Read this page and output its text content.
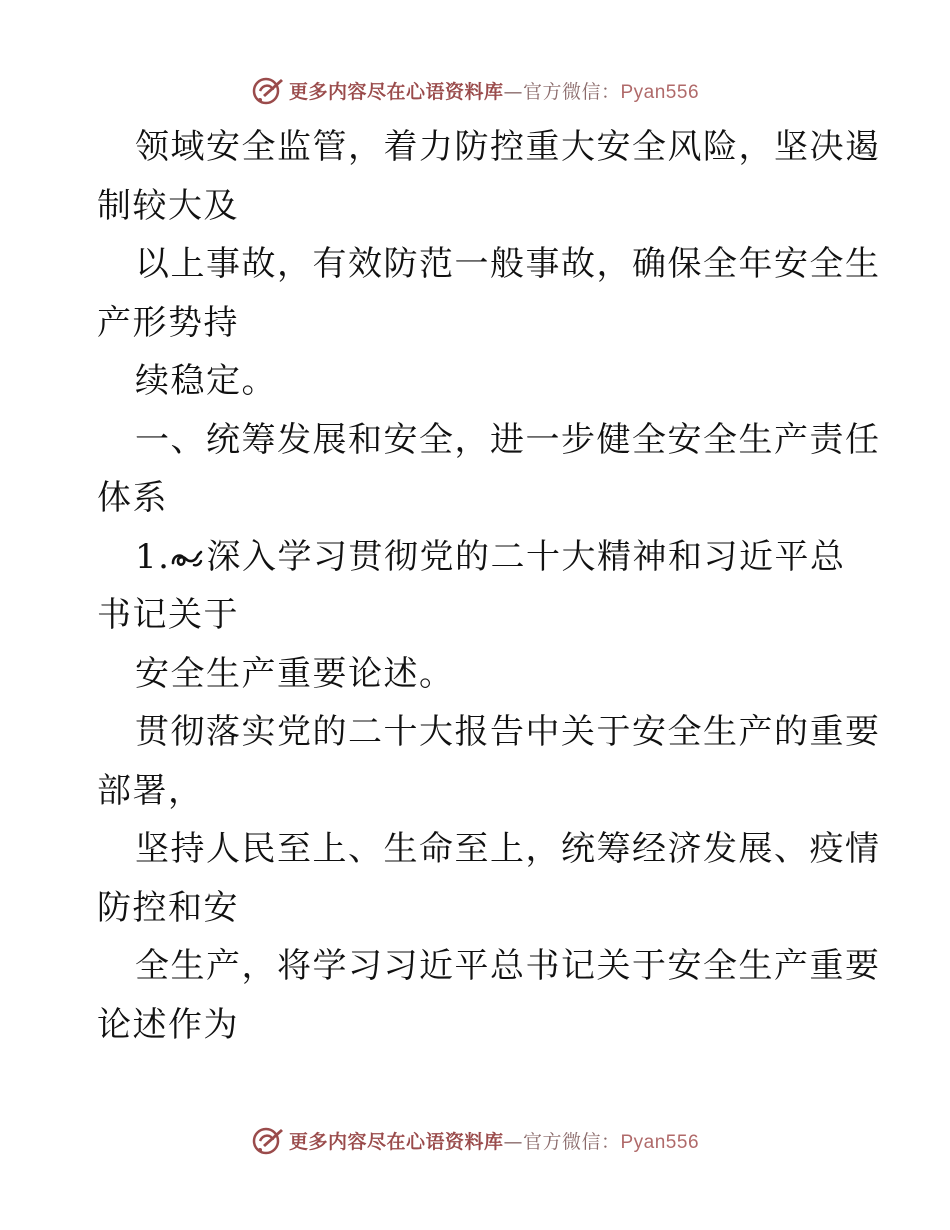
更多内容尽在心语资料库—官方微信：Pyan556
领域安全监管，着力防控重大安全风险，坚决遏
制较大及
以上事故，有效防范一般事故，确保全年安全生
产形势持
续稳定。
一、统筹发展和安全，进一步健全安全生产责任
体系
1. 深入学习贯彻党的二十大精神和习近平总
书记关于
安全生产重要论述。
贯彻落实党的二十大报告中关于安全生产的重要
部署，
坚持人民至上、生命至上，统筹经济发展、疫情
防控和安
全生产，将学习习近平总书记关于安全生产重要
论述作为
更多内容尽在心语资料库—官方微信：Pyan556
